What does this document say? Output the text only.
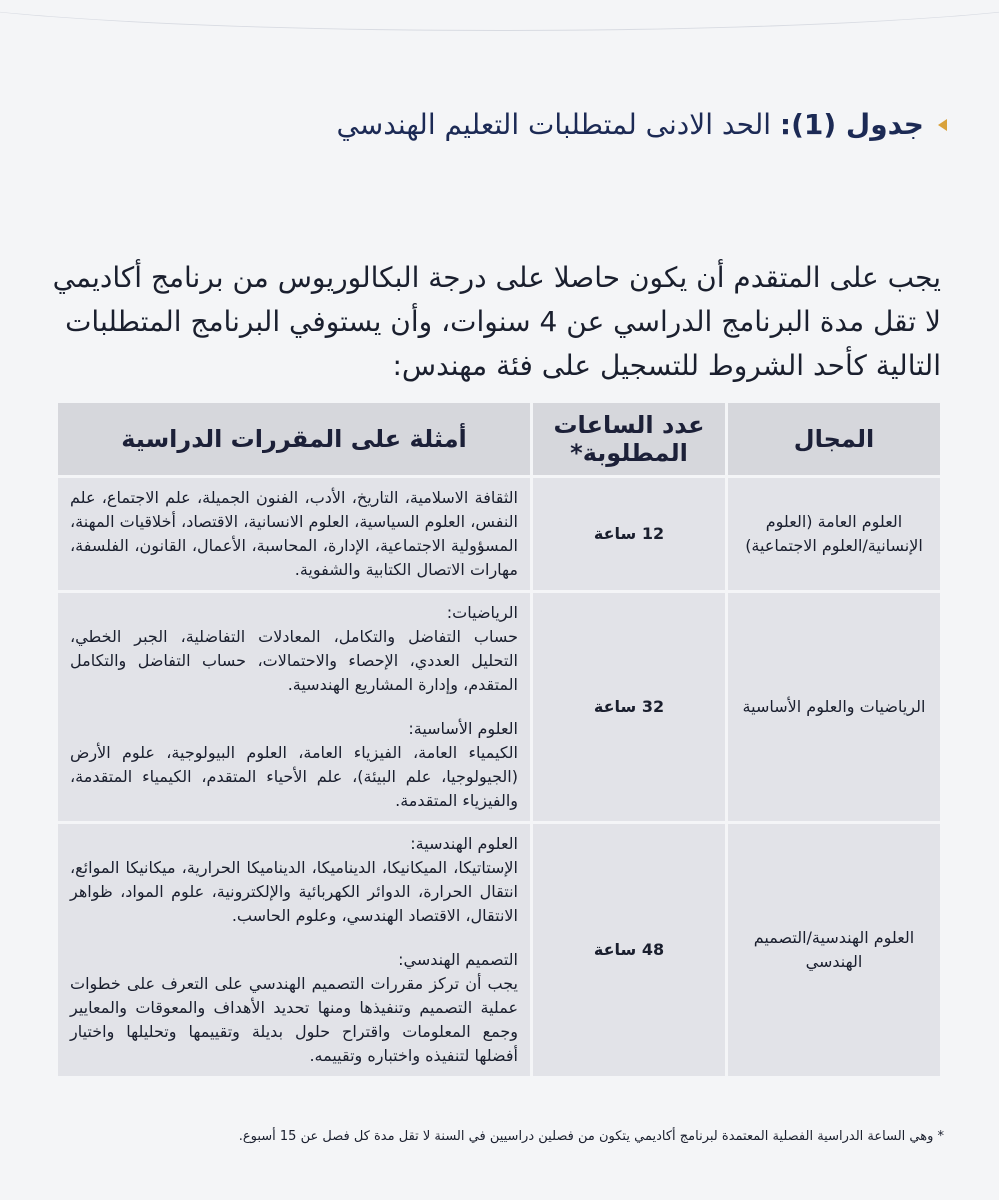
جدول (1): الحد الادنى لمتطلبات التعليم الهندسي

يجب على المتقدم أن يكون حاصلا على درجة البكالوريوس من برنامج أكاديمي لا تقل مدة البرنامج الدراسي عن 4 سنوات، وأن يستوفي البرنامج المتطلبات التالية كأحد الشروط للتسجيل على فئة مهندس:

المجال	عدد الساعات المطلوبة*	أمثلة على المقررات الدراسية
العلوم العامة (العلوم الإنسانية/العلوم الاجتماعية)	12 ساعة	الثقافة الاسلامية، التاريخ، الأدب، الفنون الجميلة، علم الاجتماع، علم النفس، العلوم السياسية، العلوم الانسانية، الاقتصاد، أخلاقيات المهنة، المسؤولية الاجتماعية، الإدارة، المحاسبة، الأعمال، القانون، الفلسفة، مهارات الاتصال الكتابية والشفوية.
الرياضيات والعلوم الأساسية	32 ساعة	الرياضيات:
حساب التفاضل والتكامل، المعادلات التفاضلية، الجبر الخطي، التحليل العددي، الإحصاء والاحتمالات، حساب التفاضل والتكامل المتقدم، وإدارة المشاريع الهندسية.
العلوم الأساسية:
الكيمياء العامة، الفيزياء العامة، العلوم البيولوجية، علوم الأرض (الجيولوجيا، علم البيئة)، علم الأحياء المتقدم، الكيمياء المتقدمة، والفيزياء المتقدمة.
العلوم الهندسية/التصميم الهندسي	48 ساعة	العلوم الهندسية:
الإستاتيكا، الميكانيكا، الديناميكا، الديناميكا الحرارية، ميكانيكا الموائع، انتقال الحرارة، الدوائر الكهربائية والإلكترونية، علوم المواد، ظواهر الانتقال، الاقتصاد الهندسي، وعلوم الحاسب.
التصميم الهندسي:
يجب أن تركز مقررات التصميم الهندسي على التعرف على خطوات عملية التصميم وتنفيذها ومنها تحديد الأهداف والمعوقات والمعايير وجمع المعلومات واقتراح حلول بديلة وتقييمها وتحليلها واختيار أفضلها لتنفيذه واختباره وتقييمه.

* وهي الساعة الدراسية الفصلية المعتمدة لبرنامج أكاديمي يتكون من فصلين دراسيين في السنة لا تقل مدة كل فصل عن 15 أسبوع.
